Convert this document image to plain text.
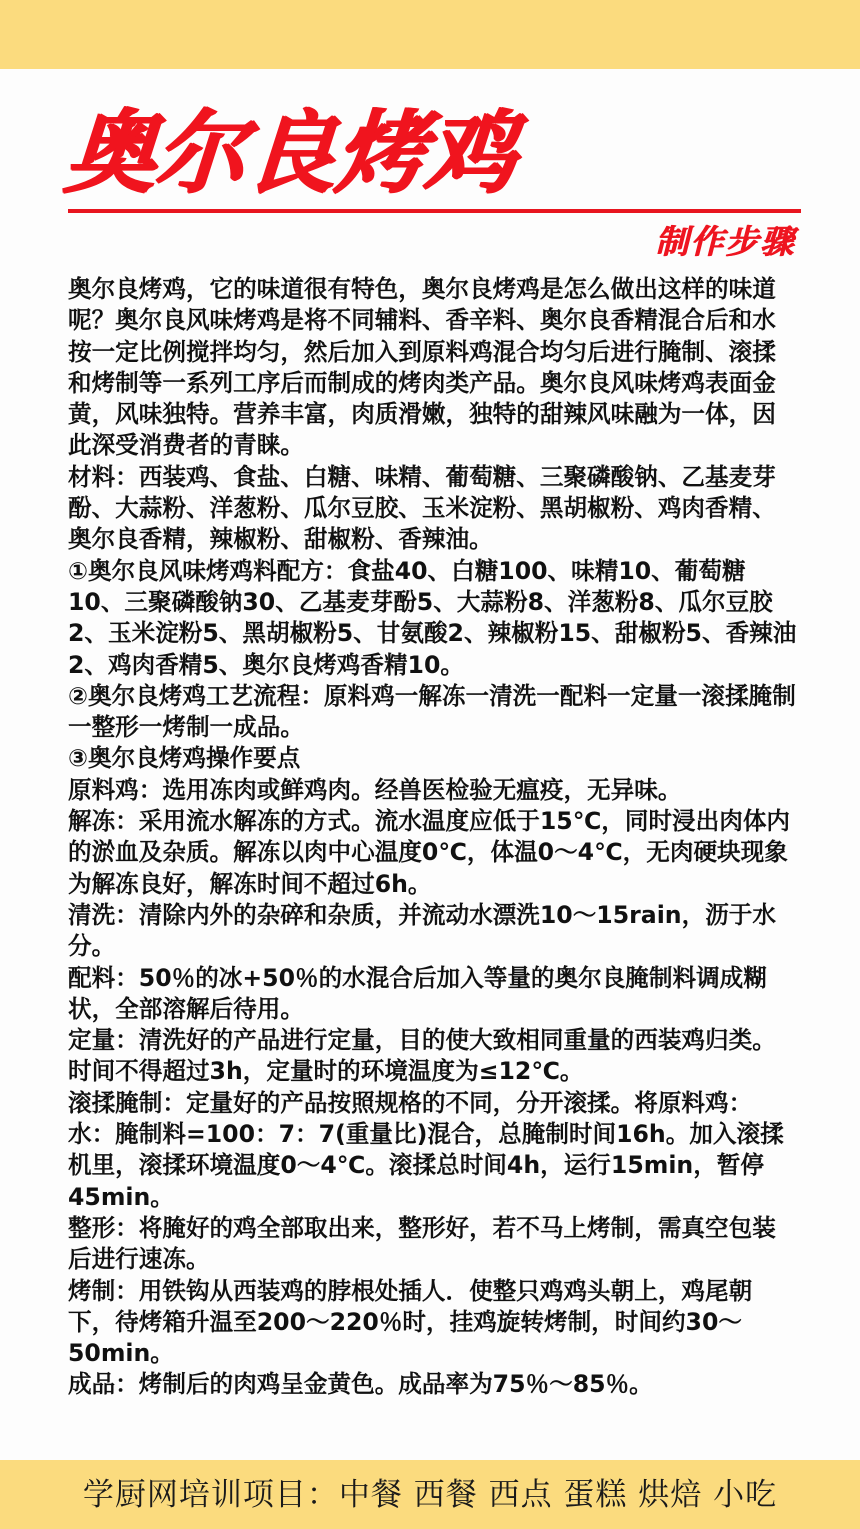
奥尔良烤鸡
制作步骤
奥尔良烤鸡，它的味道很有特色，奥尔良烤鸡是怎么做出这样的味道呢？奥尔良风味烤鸡是将不同辅料、香辛料、奥尔良香精混合后和水按一定比例搅拌均匀，然后加入到原料鸡混合均匀后进行腌制、滚揉和烤制等一系列工序后而制成的烤肉类产品。奥尔良风味烤鸡表面金黄，风味独特。营养丰富，肉质滑嫩，独特的甜辣风味融为一体，因此深受消费者的青睐。
材料：西装鸡、食盐、白糖、味精、葡萄糖、三聚磷酸钠、乙基麦芽酚、大蒜粉、洋葱粉、瓜尔豆胶、玉米淀粉、黑胡椒粉、鸡肉香精、奥尔良香精，辣椒粉、甜椒粉、香辣油。
①奥尔良风味烤鸡料配方：食盐40、白糖100、味精10、葡萄糖10、三聚磷酸钠30、乙基麦芽酚5、大蒜粉8、洋葱粉8、瓜尔豆胶2、玉米淀粉5、黑胡椒粉5、甘氨酸2、辣椒粉15、甜椒粉5、香辣油2、鸡肉香精5、奥尔良烤鸡香精10。
②奥尔良烤鸡工艺流程：原料鸡一解冻一清洗一配料一定量一滚揉腌制一整形一烤制一成品。
③奥尔良烤鸡操作要点
原料鸡：选用冻肉或鲜鸡肉。经兽医检验无瘟疫，无异味。
解冻：采用流水解冻的方式。流水温度应低于15℃，同时浸出肉体内的淤血及杂质。解冻以肉中心温度0℃，体温0～4℃，无肉硬块现象为解冻良好，解冻时间不超过6h。
清洗：清除内外的杂碎和杂质，并流动水漂洗10～15rain，沥于水分。
配料：50％的冰+50％的水混合后加入等量的奥尔良腌制料调成糊状，全部溶解后待用。
定量：清洗好的产品进行定量，目的使大致相同重量的西装鸡归类。时间不得超过3h，定量时的环境温度为≤12℃。
滚揉腌制：定量好的产品按照规格的不同，分开滚揉。将原料鸡：水：腌制料=100：7：7(重量比)混合，总腌制时间16h。加入滚揉机里，滚揉环境温度0～4℃。滚揉总时间4h，运行15min，暂停45min。
整形：将腌好的鸡全部取出来，整形好，若不马上烤制，需真空包装后进行速冻。
烤制：用铁钩从西装鸡的脖根处插人．使整只鸡鸡头朝上，鸡尾朝下，待烤箱升温至200～220％时，挂鸡旋转烤制，时间约30～50min。
成品：烤制后的肉鸡呈金黄色。成品率为75％～85％。
学厨网培训项目：中餐 西餐 西点 蛋糕 烘焙 小吃
